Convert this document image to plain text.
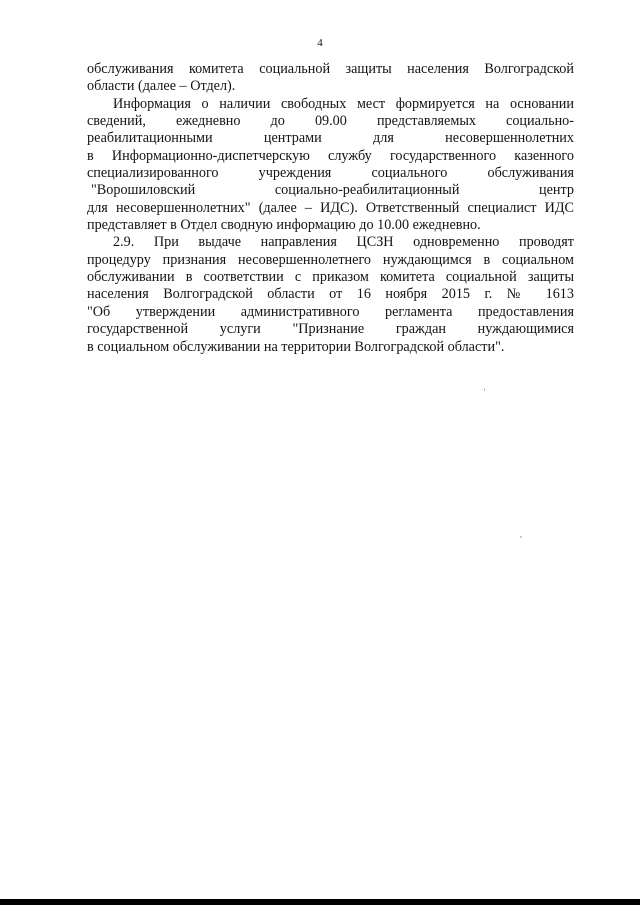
4
обслуживания комитета социальной защиты населения Волгоградской
области (далее – Отдел).
Информация о наличии свободных мест формируется на основании
сведений, ежедневно до 09.00 представляемых социально-
реабилитационными центрами для несовершеннолетних
в Информационно-диспетчерскую службу государственного казенного
специализированного учреждения социального обслуживания
"Ворошиловский социально-реабилитационный центр
для несовершеннолетних" (далее – ИДС). Ответственный специалист ИДС
представляет в Отдел сводную информацию до 10.00 ежедневно.
2.9. При выдаче направления ЦСЗН одновременно проводят
процедуру признания несовершеннолетнего нуждающимся в социальном
обслуживании в соответствии с приказом комитета социальной защиты
населения Волгоградской области от 16 ноября 2015 г. № 1613
"Об утверждении административного регламента предоставления
государственной услуги "Признание граждан нуждающимися
в социальном обслуживании на территории Волгоградской области".
